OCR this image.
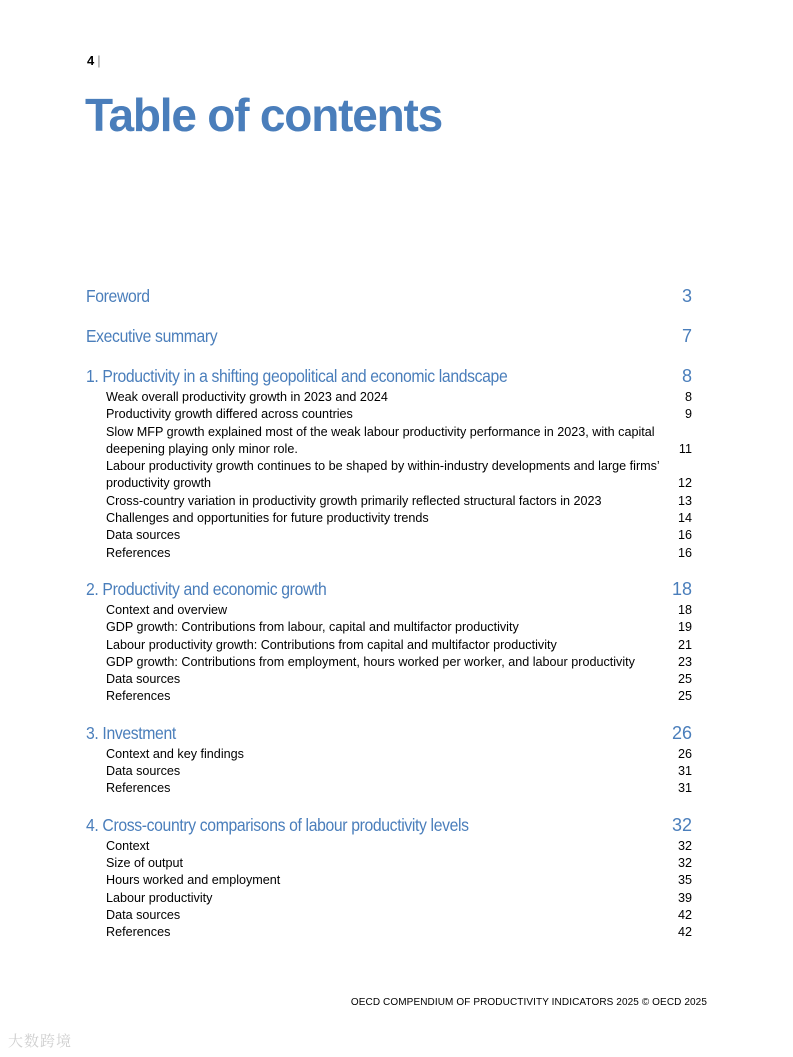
4 |
Table of contents
Foreword	3
Executive summary	7
1. Productivity in a shifting geopolitical and economic landscape	8
Weak overall productivity growth in 2023 and 2024	8
Productivity growth differed across countries	9
Slow MFP growth explained most of the weak labour productivity performance in 2023, with capital deepening playing only minor role.	11
Labour productivity growth continues to be shaped by within-industry developments and large firms’ productivity growth	12
Cross-country variation in productivity growth primarily reflected structural factors in 2023	13
Challenges and opportunities for future productivity trends	14
Data sources	16
References	16
2. Productivity and economic growth	18
Context and overview	18
GDP growth: Contributions from labour, capital and multifactor productivity	19
Labour productivity growth: Contributions from capital and multifactor productivity	21
GDP growth: Contributions from employment, hours worked per worker, and labour productivity	23
Data sources	25
References	25
3. Investment	26
Context and key findings	26
Data sources	31
References	31
4. Cross-country comparisons of labour productivity levels	32
Context	32
Size of output	32
Hours worked and employment	35
Labour productivity	39
Data sources	42
References	42
OECD COMPENDIUM OF PRODUCTIVITY INDICATORS 2025 © OECD 2025
大数跨境
